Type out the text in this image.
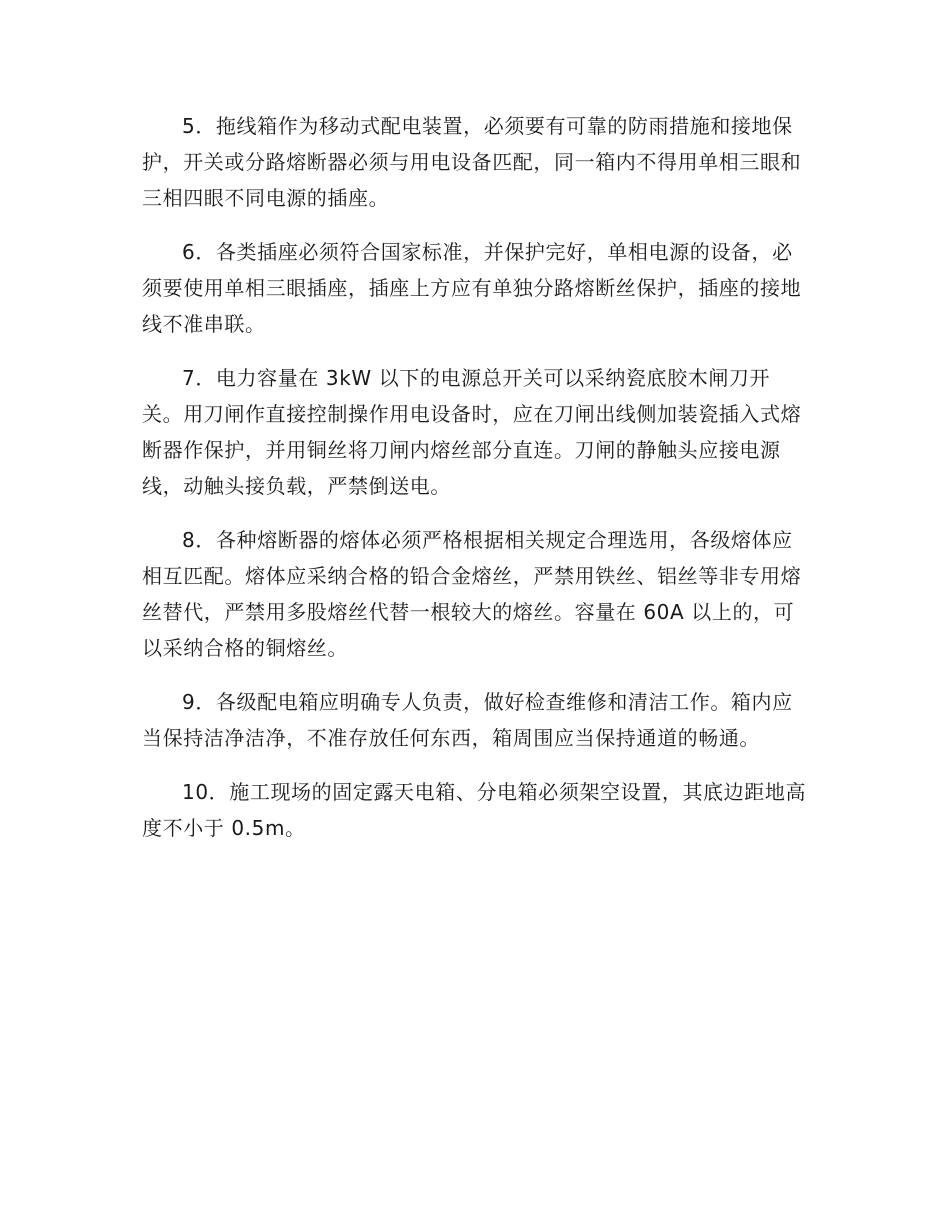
5．拖线箱作为移动式配电装置，必须要有可靠的防雨措施和接地保护，开关或分路熔断器必须与用电设备匹配，同一箱内不得用单相三眼和三相四眼不同电源的插座。

6．各类插座必须符合国家标准，并保护完好，单相电源的设备，必须要使用单相三眼插座，插座上方应有单独分路熔断丝保护，插座的接地线不准串联。

7．电力容量在 3kW 以下的电源总开关可以采纳瓷底胶木闸刀开关。用刀闸作直接控制操作用电设备时，应在刀闸出线侧加装瓷插入式熔断器作保护，并用铜丝将刀闸内熔丝部分直连。刀闸的静触头应接电源线，动触头接负载，严禁倒送电。

8．各种熔断器的熔体必须严格根据相关规定合理选用，各级熔体应相互匹配。熔体应采纳合格的铅合金熔丝，严禁用铁丝、铝丝等非专用熔丝替代，严禁用多股熔丝代替一根较大的熔丝。容量在 60A 以上的，可以采纳合格的铜熔丝。

9．各级配电箱应明确专人负责，做好检查维修和清洁工作。箱内应当保持洁净洁净，不准存放任何东西，箱周围应当保持通道的畅通。

10．施工现场的固定露天电箱、分电箱必须架空设置，其底边距地高度不小于 0.5m。
